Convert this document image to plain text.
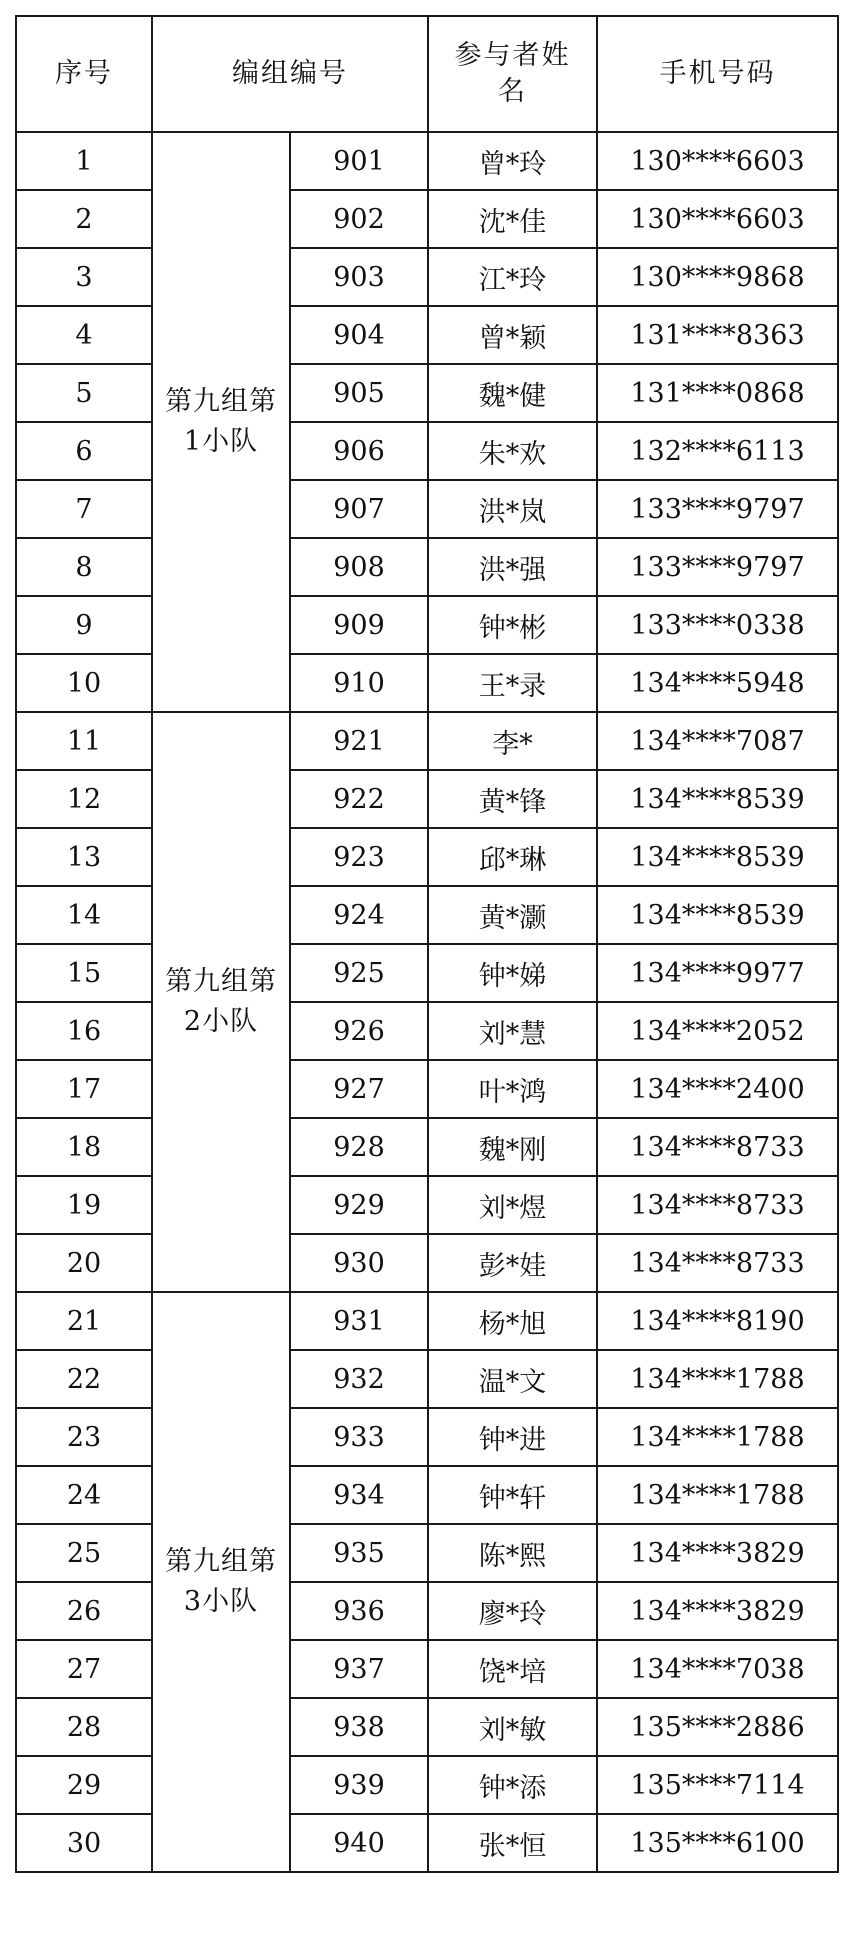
序号	编组编号		参与者姓名	手机号码
1	第九组第1小队	901	曾*玲	130****6603
2		902	沈*佳	130****6603
3		903	江*玲	130****9868
4		904	曾*颖	131****8363
5		905	魏*健	131****0868
6		906	朱*欢	132****6113
7		907	洪*岚	133****9797
8		908	洪*强	133****9797
9		909	钟*彬	133****0338
10		910	王*录	134****5948
11	第九组第2小队	921	李*	134****7087
12		922	黄*锋	134****8539
13		923	邱*琳	134****8539
14		924	黄*灏	134****8539
15		925	钟*娣	134****9977
16		926	刘*慧	134****2052
17		927	叶*鸿	134****2400
18		928	魏*刚	134****8733
19		929	刘*煜	134****8733
20		930	彭*娃	134****8733
21	第九组第3小队	931	杨*旭	134****8190
22		932	温*文	134****1788
23		933	钟*进	134****1788
24		934	钟*轩	134****1788
25		935	陈*熙	134****3829
26		936	廖*玲	134****3829
27		937	饶*培	134****7038
28		938	刘*敏	135****2886
29		939	钟*添	135****7114
30		940	张*恒	135****6100
